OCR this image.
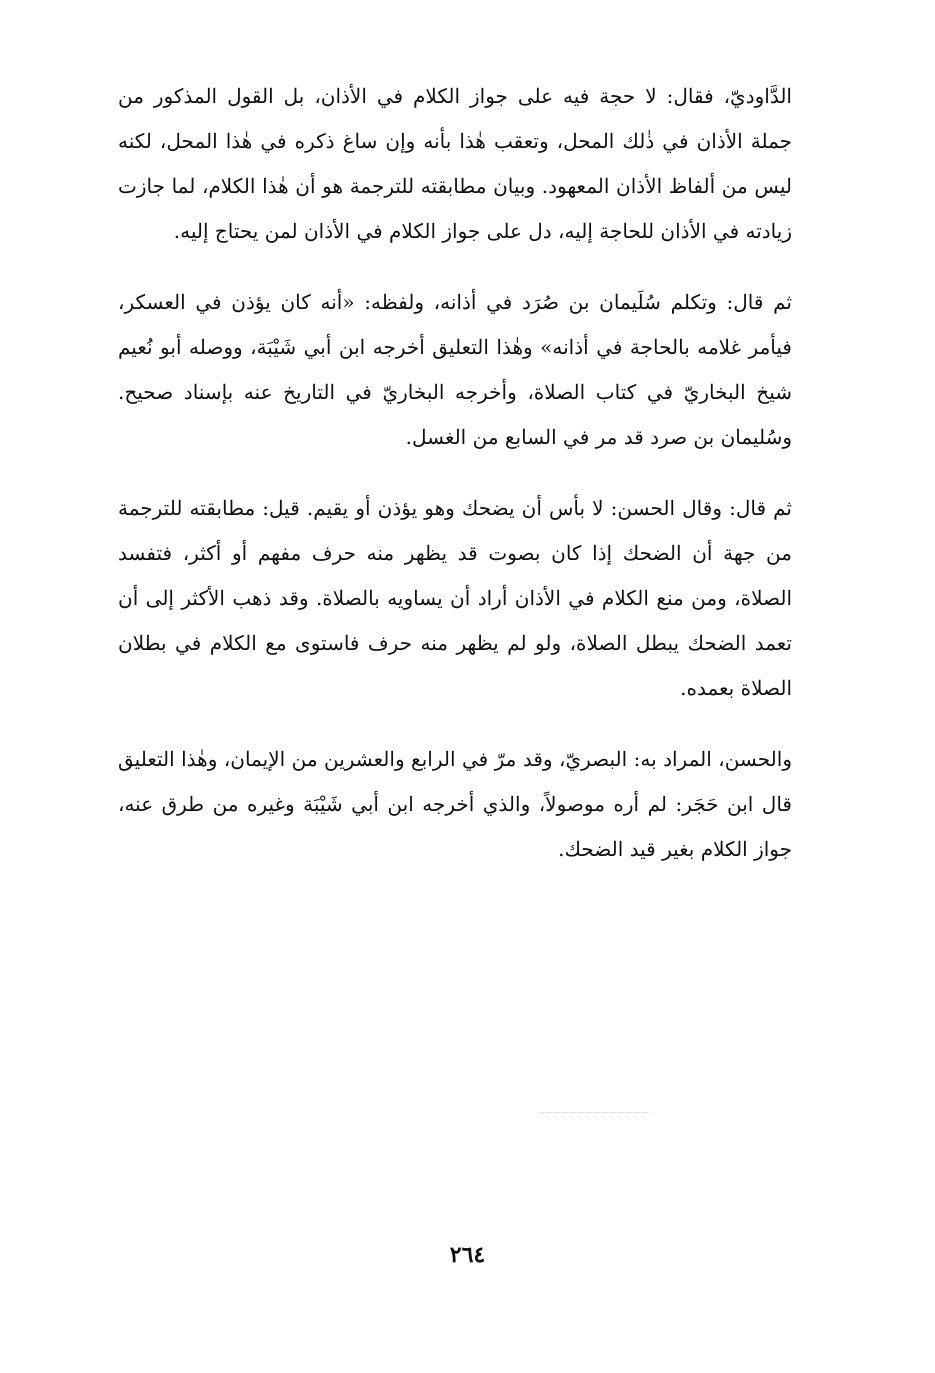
الدَّاوديّ، فقال: لا حجة فيه على جواز الكلام في الأذان، بل القول المذكور من جملة الأذان في ذٰلك المحل، وتعقب هٰذا بأنه وإن ساغ ذكره في هٰذا المحل، لكنه ليس من ألفاظ الأذان المعهود. وبيان مطابقته للترجمة هو أن هٰذا الكلام، لما جازت زيادته في الأذان للحاجة إليه، دل على جواز الكلام في الأذان لمن يحتاج إليه.

ثم قال: وتكلم سُلَيمان بن صُرَد في أذانه، ولفظه: «أنه كان يؤذن في العسكر، فيأمر غلامه بالحاجة في أذانه» وهٰذا التعليق أخرجه ابن أبي شَيْبَة، ووصله أبو نُعيم شيخ البخاريّ في كتاب الصلاة، وأخرجه البخاريّ في التاريخ عنه بإسناد صحيح. وسُليمان بن صرد قد مر في السابع من الغسل.

ثم قال: وقال الحسن: لا بأس أن يضحك وهو يؤذن أو يقيم. قيل: مطابقته للترجمة من جهة أن الضحك إذا كان بصوت قد يظهر منه حرف مفهم أو أكثر، فتفسد الصلاة، ومن منع الكلام في الأذان أراد أن يساويه بالصلاة. وقد ذهب الأكثر إلى أن تعمد الضحك يبطل الصلاة، ولو لم يظهر منه حرف فاستوى مع الكلام في بطلان الصلاة بعمده.

والحسن، المراد به: البصريّ، وقد مرّ في الرابع والعشرين من الإيمان، وهٰذا التعليق قال ابن حَجَر: لم أره موصولاً، والذي أخرجه ابن أبي شَيْبَة وغيره من طرق عنه، جواز الكلام بغير قيد الضحك.

٢٦٤
